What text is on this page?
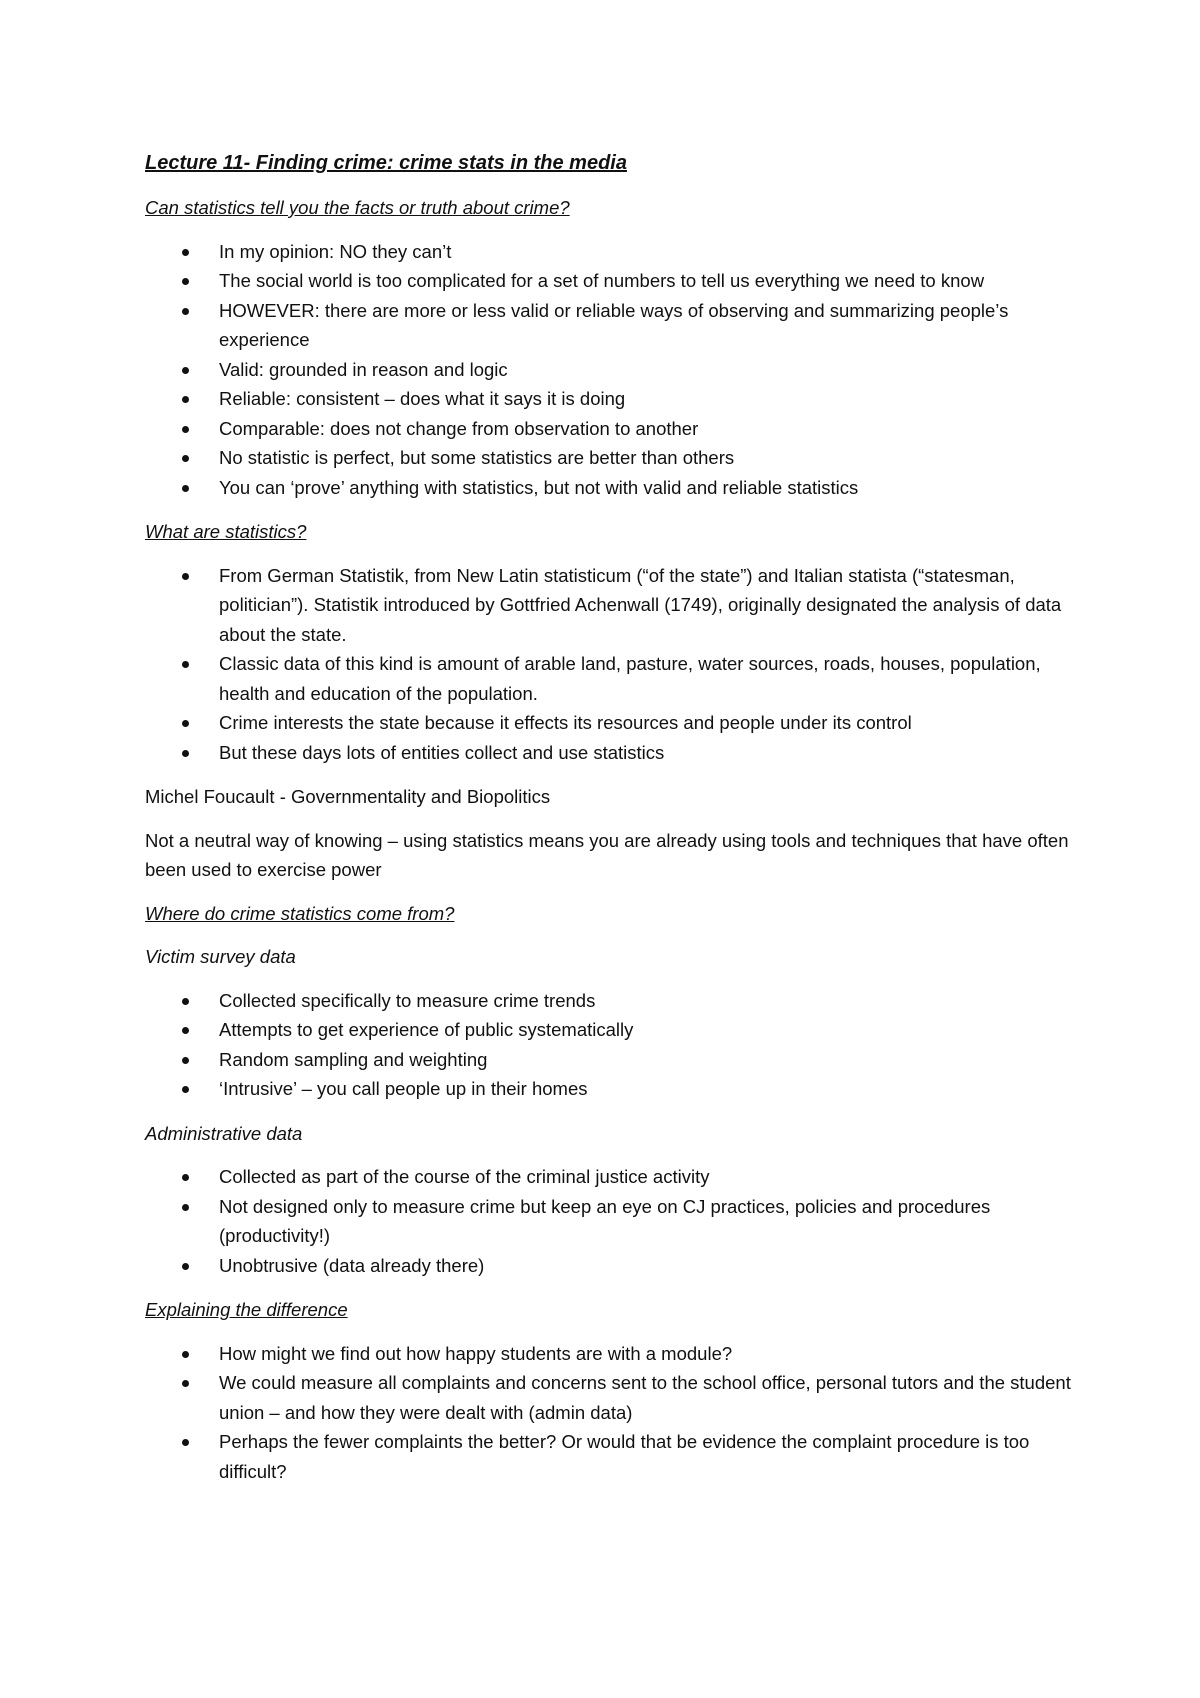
Lecture 11- Finding crime: crime stats in the media
Can statistics tell you the facts or truth about crime?
In my opinion: NO they can’t
The social world is too complicated for a set of numbers to tell us everything we need to know
HOWEVER: there are more or less valid or reliable ways of observing and summarizing people’s experience
Valid: grounded in reason and logic
Reliable: consistent – does what it says it is doing
Comparable: does not change from observation to another
No statistic is perfect, but some statistics are better than others
You can ‘prove’ anything with statistics, but not with valid and reliable statistics
What are statistics?
From German Statistik, from New Latin statisticum (“of the state”) and Italian statista (“statesman, politician”). Statistik introduced by Gottfried Achenwall (1749), originally designated the analysis of data about the state.
Classic data of this kind is amount of arable land, pasture, water sources, roads, houses, population, health and education of the population.
Crime interests the state because it effects its resources and people under its control
But these days lots of entities collect and use statistics
Michel Foucault - Governmentality and Biopolitics
Not a neutral way of knowing – using statistics means you are already using tools and techniques that have often been used to exercise power
Where do crime statistics come from?
Victim survey data
Collected specifically to measure crime trends
Attempts to get experience of public systematically
Random sampling and weighting
‘Intrusive’ – you call people up in their homes
Administrative data
Collected as part of the course of the criminal justice activity
Not designed only to measure crime but keep an eye on CJ practices, policies and procedures (productivity!)
Unobtrusive (data already there)
Explaining the difference
How might we find out how happy students are with a module?
We could measure all complaints and concerns sent to the school office, personal tutors and the student union – and how they were dealt with (admin data)
Perhaps the fewer complaints the better? Or would that be evidence the complaint procedure is too difficult?
